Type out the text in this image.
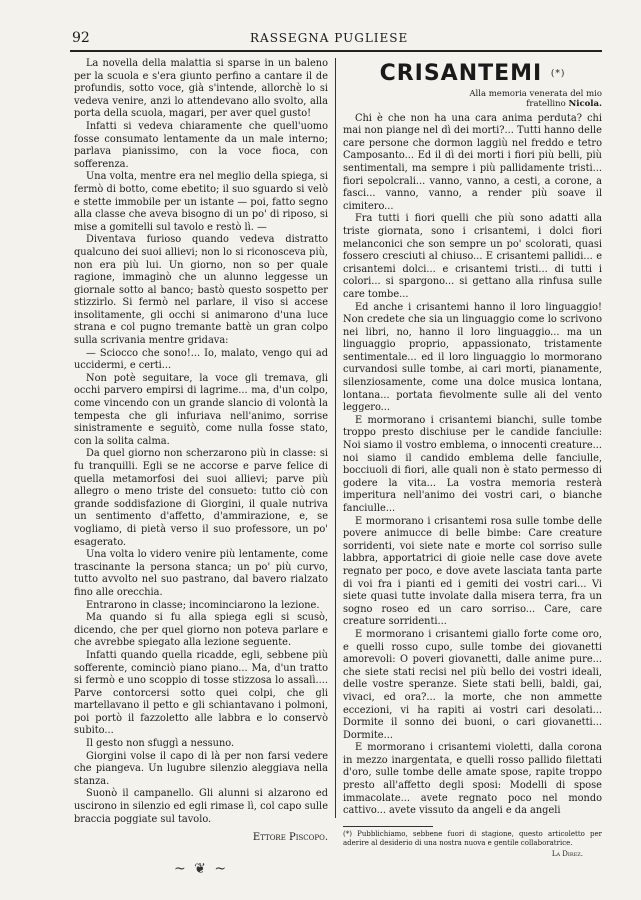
92	RASSEGNA PUGLIESE

La novella della malattia si sparse in un baleno per la scuola e s'era giunto perfino a cantare il de profundis, sotto voce, già s'intende, allorchè lo si vedeva venire, anzi lo attendevano allo svolto, alla porta della scuola, magari, per aver quel gusto!

Infatti si vedeva chiaramente che quell'uomo fosse consumato lentamente da un male interno; parlava pianissimo, con la voce fioca, con sofferenza.

Una volta, mentre era nel meglio della spiega, si fermò di botto, come ebetito; il suo sguardo si velò e stette immobile per un istante — poi, fatto segno alla classe che aveva bisogno di un po' di riposo, si mise a gomitelli sul tavolo e restò lì. —

Diventava furioso quando vedeva distratto qualcuno dei suoi allievi; non lo si riconosceva più, non era più lui. Un giorno, non so per quale ragione, immaginò che un alunno leggesse un giornale sotto al banco; bastò questo sospetto per stizzirlo. Si fermò nel parlare, il viso si accese insolitamente, gli occhi si animarono d'una luce strana e col pugno tremante battè un gran colpo sulla scrivania mentre gridava:

— Sciocco che sono!... Io, malato, vengo qui ad uccidermi, e certi...

Non potè seguitare, la voce gli tremava, gli occhi parvero empirsi di lagrime... ma, d'un colpo, come vincendo con un grande slancio di volontà la tempesta che gli infuriava nell'animo, sorrise sinistramente e seguitò, come nulla fosse stato, con la solita calma.

Da quel giorno non scherzarono più in classe: si fu tranquilli. Egli se ne accorse e parve felice di quella metamorfosi dei suoi allievi; parve più allegro o meno triste del consueto: tutto ciò con grande soddisfazione di Giorgini, il quale nutriva un sentimento d'affetto, d'ammirazione, e, se vogliamo, di pietà verso il suo professore, un po' esagerato.

Una volta lo videro venire più lentamente, come trascinante la persona stanca; un po' più curvo, tutto avvolto nel suo pastrano, dal bavero rialzato fino alle orecchia.

Entrarono in classe; incominciarono la lezione.

Ma quando si fu alla spiega egli si scusò, dicendo, che per quel giorno non poteva parlare e che avrebbe spiegato alla lezione seguente.

Infatti quando quella ricadde, egli, sebbene più sofferente, cominciò piano piano... Ma, d'un tratto si fermò e uno scoppio di tosse stizzosa lo assalì.... Parve contorcersi sotto quei colpi, che gli martellavano il petto e gli schiantavano i polmoni, poi portò il fazzoletto alle labbra e lo conservò subito...

Il gesto non sfuggì a nessuno.

Giorgini volse il capo di là per non farsi vedere che piangeva. Un lugubre silenzio aleggiava nella stanza.

Suonò il campanello. Gli alunni si alzarono ed uscirono in silenzio ed egli rimase lì, col capo sulle braccia poggiate sul tavolo.

Ettore Piscopo.
~ ❦ ~
CRISANTEMI (*)
Alla memoria venerata del mio
fratellino Nicola.

Chi è che non ha una cara anima perduta? chi mai non piange nel dì dei morti?... Tutti hanno delle care persone che dormon laggiù nel freddo e tetro Camposanto... Ed il dì dei morti i fiori più belli, più sentimentali, ma sempre i più pallidamente tristi... fiori sepolcrali... vanno, vanno, a cesti, a corone, a fasci... vanno, vanno, a render più soave il cimitero...

Fra tutti i fiori quelli che più sono adatti alla triste giornata, sono i crisantemi, i dolci fiori melanconici che son sempre un po' scolorati, quasi fossero cresciuti al chiuso... E crisantemi pallidi... e crisantemi dolci... e crisantemi tristi... di tutti i colori... si spargono... si gettano alla rinfusa sulle care tombe...

Ed anche i crisantemi hanno il loro linguaggio! Non credete che sia un linguaggio come lo scrivono nei libri, no, hanno il loro linguaggio... ma un linguaggio proprio, appassionato, tristamente sentimentale... ed il loro linguaggio lo mormorano curvandosi sulle tombe, ai cari morti, pianamente, silenziosamente, come una dolce musica lontana, lontana... portata fievolmente sulle ali del vento leggero...

E mormorano i crisantemi bianchi, sulle tombe troppo presto dischiuse per le candide fanciulle: Noi siamo il vostro emblema, o innocenti creature... noi siamo il candido emblema delle fanciulle, bocciuoli di fiori, alle quali non è stato permesso di godere la vita... La vostra memoria resterà imperitura nell'animo dei vostri cari, o bianche fanciulle...

E mormorano i crisantemi rosa sulle tombe delle povere animucce di belle bimbe: Care creature sorridenti, voi siete nate e morte col sorriso sulle labbra, apportatrici di gioie nelle case dove avete regnato per poco, e dove avete lasciata tanta parte di voi fra i pianti ed i gemiti dei vostri cari... Vi siete quasi tutte involate dalla misera terra, fra un sogno roseo ed un caro sorriso... Care, care creature sorridenti...

E mormorano i crisantemi giallo forte come oro, e quelli rosso cupo, sulle tombe dei giovanetti amorevoli: O poveri giovanetti, dalle anime pure... che siete stati recisi nel più bello dei vostri ideali, delle vostre speranze. Siete stati belli, baldi, gai, vivaci, ed ora?... la morte, che non ammette eccezioni, vi ha rapiti ai vostri cari desolati... Dormite il sonno dei buoni, o cari giovanetti... Dormite...

E mormorano i crisantemi violetti, dalla corona in mezzo inargentata, e quelli rosso pallido filettati d'oro, sulle tombe delle amate spose, rapite troppo presto all'affetto degli sposi: Modelli di spose immacolate... avete regnato poco nel mondo cattivo... avete vissuto da angeli e da angeli

(*) Pubblichiamo, sebbene fuori di stagione, questo articoletto per aderire al desiderio di una nostra nuova e gentile collaboratrice.
La Direz.
